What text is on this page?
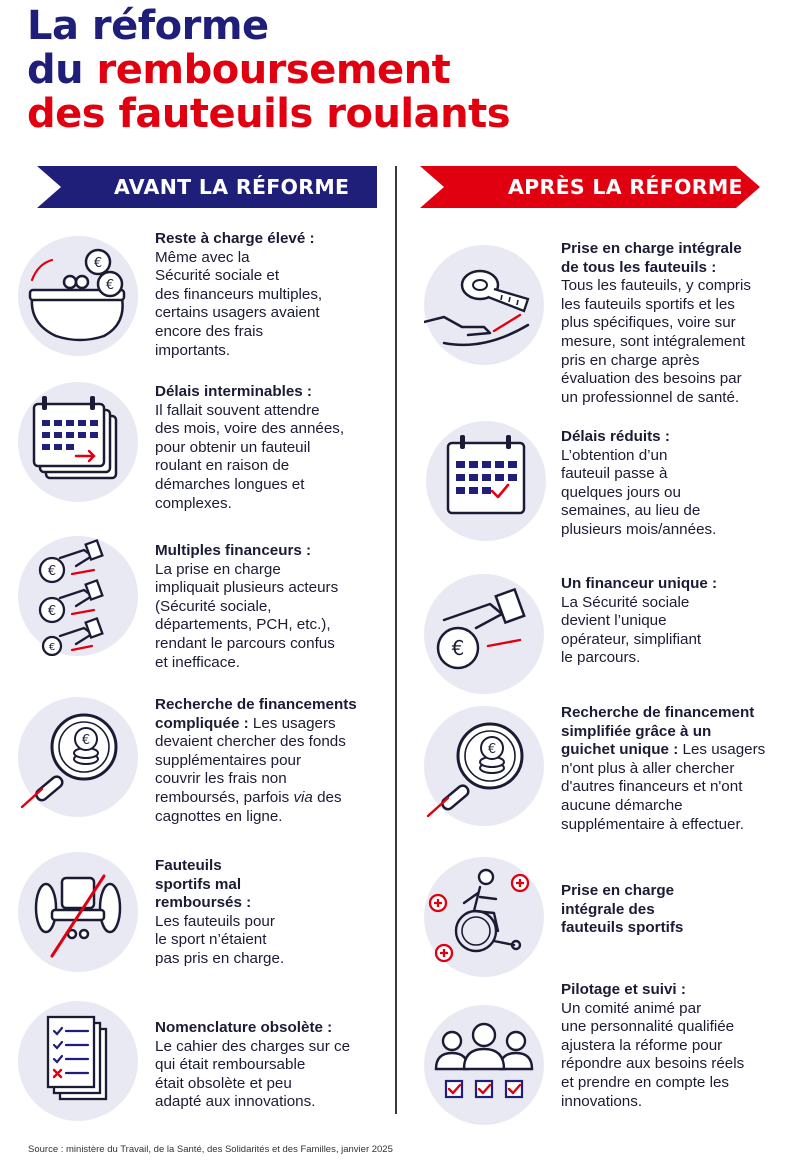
La réforme
du remboursement
des fauteuils roulants
AVANT LA RÉFORME	APRÈS LA RÉFORME
€
€
Reste à charge élevé :
Même avec la
Sécurité sociale et
des financeurs multiples,
certains usagers avaient
encore des frais
importants.
Délais interminables :
Il fallait souvent attendre
des mois, voire des années,
pour obtenir un fauteuil
roulant en raison de
démarches longues et
complexes.
€
€
€
Multiples financeurs :
La prise en charge
impliquait plusieurs acteurs
(Sécurité sociale,
départements, PCH, etc.),
rendant le parcours confus
et inefficace.
€
Recherche de financements
compliquée : Les usagers
devaient chercher des fonds
supplémentaires pour
couvrir les frais non
remboursés, parfois via des
cagnottes en ligne.
Fauteuils
sportifs mal
remboursés :
Les fauteuils pour
le sport n’étaient
pas pris en charge.
Nomenclature obsolète :
Le cahier des charges sur ce
qui était remboursable
était obsolète et peu
adapté aux innovations.
Prise en charge intégrale
de tous les fauteuils :
Tous les fauteuils, y compris
les fauteuils sportifs et les
plus spécifiques, voire sur
mesure, sont intégralement
pris en charge après
évaluation des besoins par
un professionnel de santé.
Délais réduits :
L’obtention d’un
fauteuil passe à
quelques jours ou
semaines, au lieu de
plusieurs mois/années.
€
Un financeur unique :
La Sécurité sociale
devient l’unique
opérateur, simplifiant
le parcours.
€
Recherche de financement
simplifiée grâce à un
guichet unique : Les usagers
n'ont plus à aller chercher
d'autres financeurs et n'ont
aucune démarche
supplémentaire à effectuer.
Prise en charge
intégrale des
fauteuils sportifs
Pilotage et suivi :
Un comité animé par
une personnalité qualifiée
ajustera la réforme pour
répondre aux besoins réels
et prendre en compte les
innovations.
Source : ministère du Travail, de la Santé, des Solidarités et des Familles, janvier 2025
